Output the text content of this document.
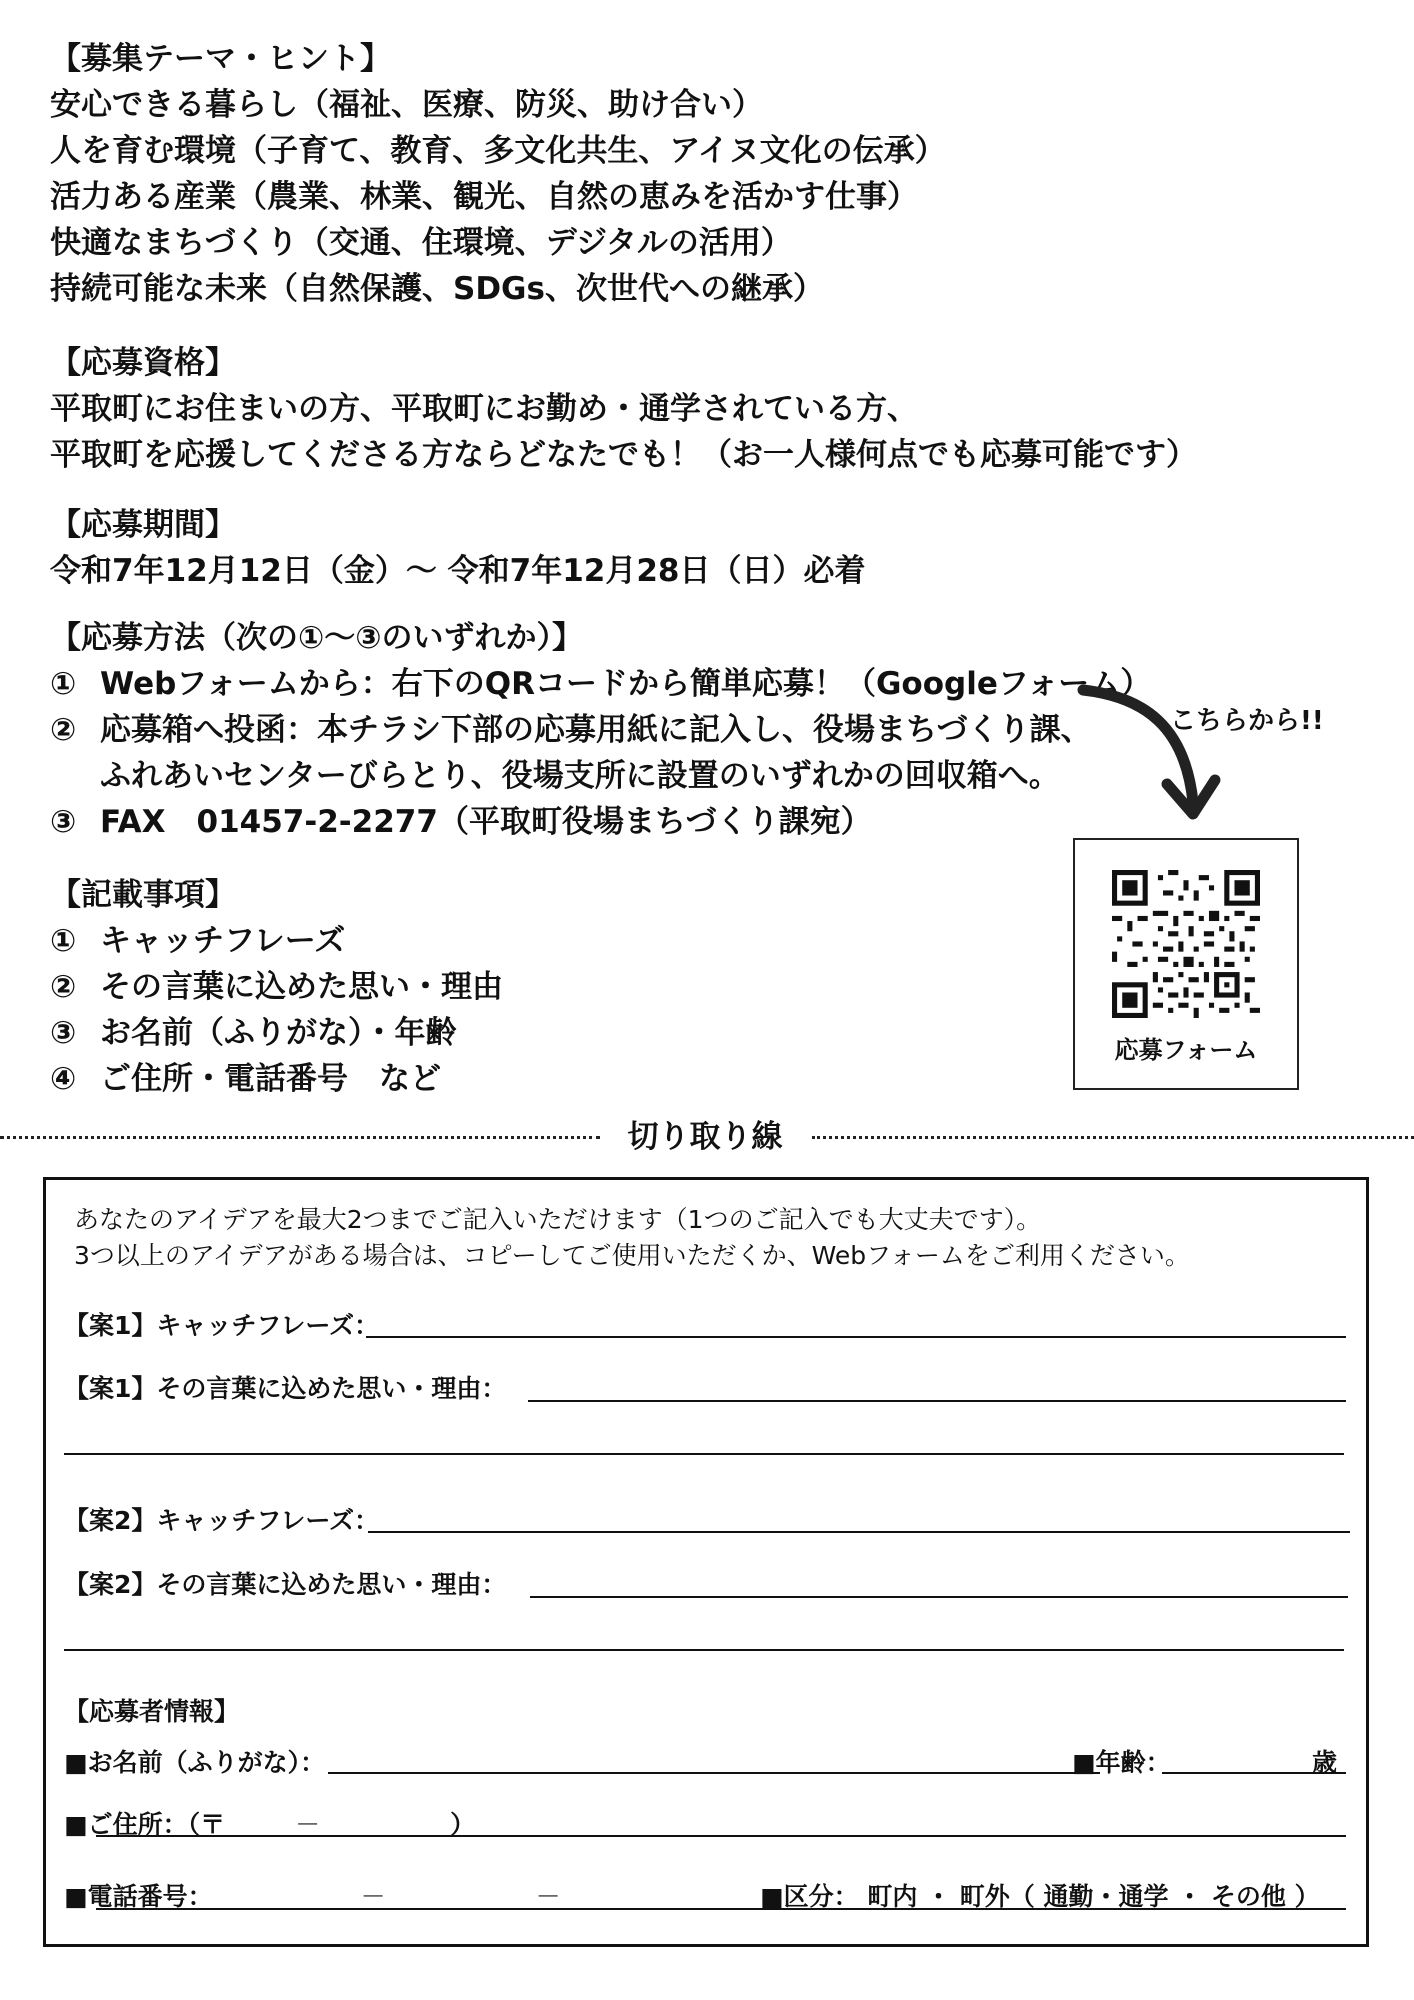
【募集テーマ・ヒント】
安心できる暮らし（福祉、医療、防災、助け合い）
人を育む環境（子育て、教育、多文化共生、アイヌ文化の伝承）
活力ある産業（農業、林業、観光、自然の恵みを活かす仕事）
快適なまちづくり（交通、住環境、デジタルの活用）
持続可能な未来（自然保護、SDGs、次世代への継承）
【応募資格】
平取町にお住まいの方、平取町にお勤め・通学されている方、
平取町を応援してくださる方ならどなたでも！（お一人様何点でも応募可能です）
【応募期間】
令和7年12月12日（金）～ 令和7年12月28日（日）必着
【応募方法（次の①～③のいずれか）】
① Webフォームから：右下のQRコードから簡単応募！（Googleフォーム）
② 応募箱へ投函：本チラシ下部の応募用紙に記入し、役場まちづくり課、
ふれあいセンターびらとり、役場支所に設置のいずれかの回収箱へ。
③ FAX　01457-2-2277（平取町役場まちづくり課宛）
【記載事項】
① キャッチフレーズ
② その言葉に込めた思い・理由
③ お名前（ふりがな）・年齢
④ ご住所・電話番号　など
こちらから!!
応募フォーム
切り取り線
あなたのアイデアを最大2つまでご記入いただけます（1つのご記入でも大丈夫です）。
3つ以上のアイデアがある場合は、コピーしてご使用いただくか、Webフォームをご利用ください。
【案1】キャッチフレーズ：
【案1】その言葉に込めた思い・理由：
【案2】キャッチフレーズ：
【案2】その言葉に込めた思い・理由：
【応募者情報】
■お名前（ふりがな）：	■年齢：	歳
■ご住所：（〒	－	）
■電話番号：	－	－	■区分： 町内 ・ 町外（ 通勤・通学 ・ その他 ）
